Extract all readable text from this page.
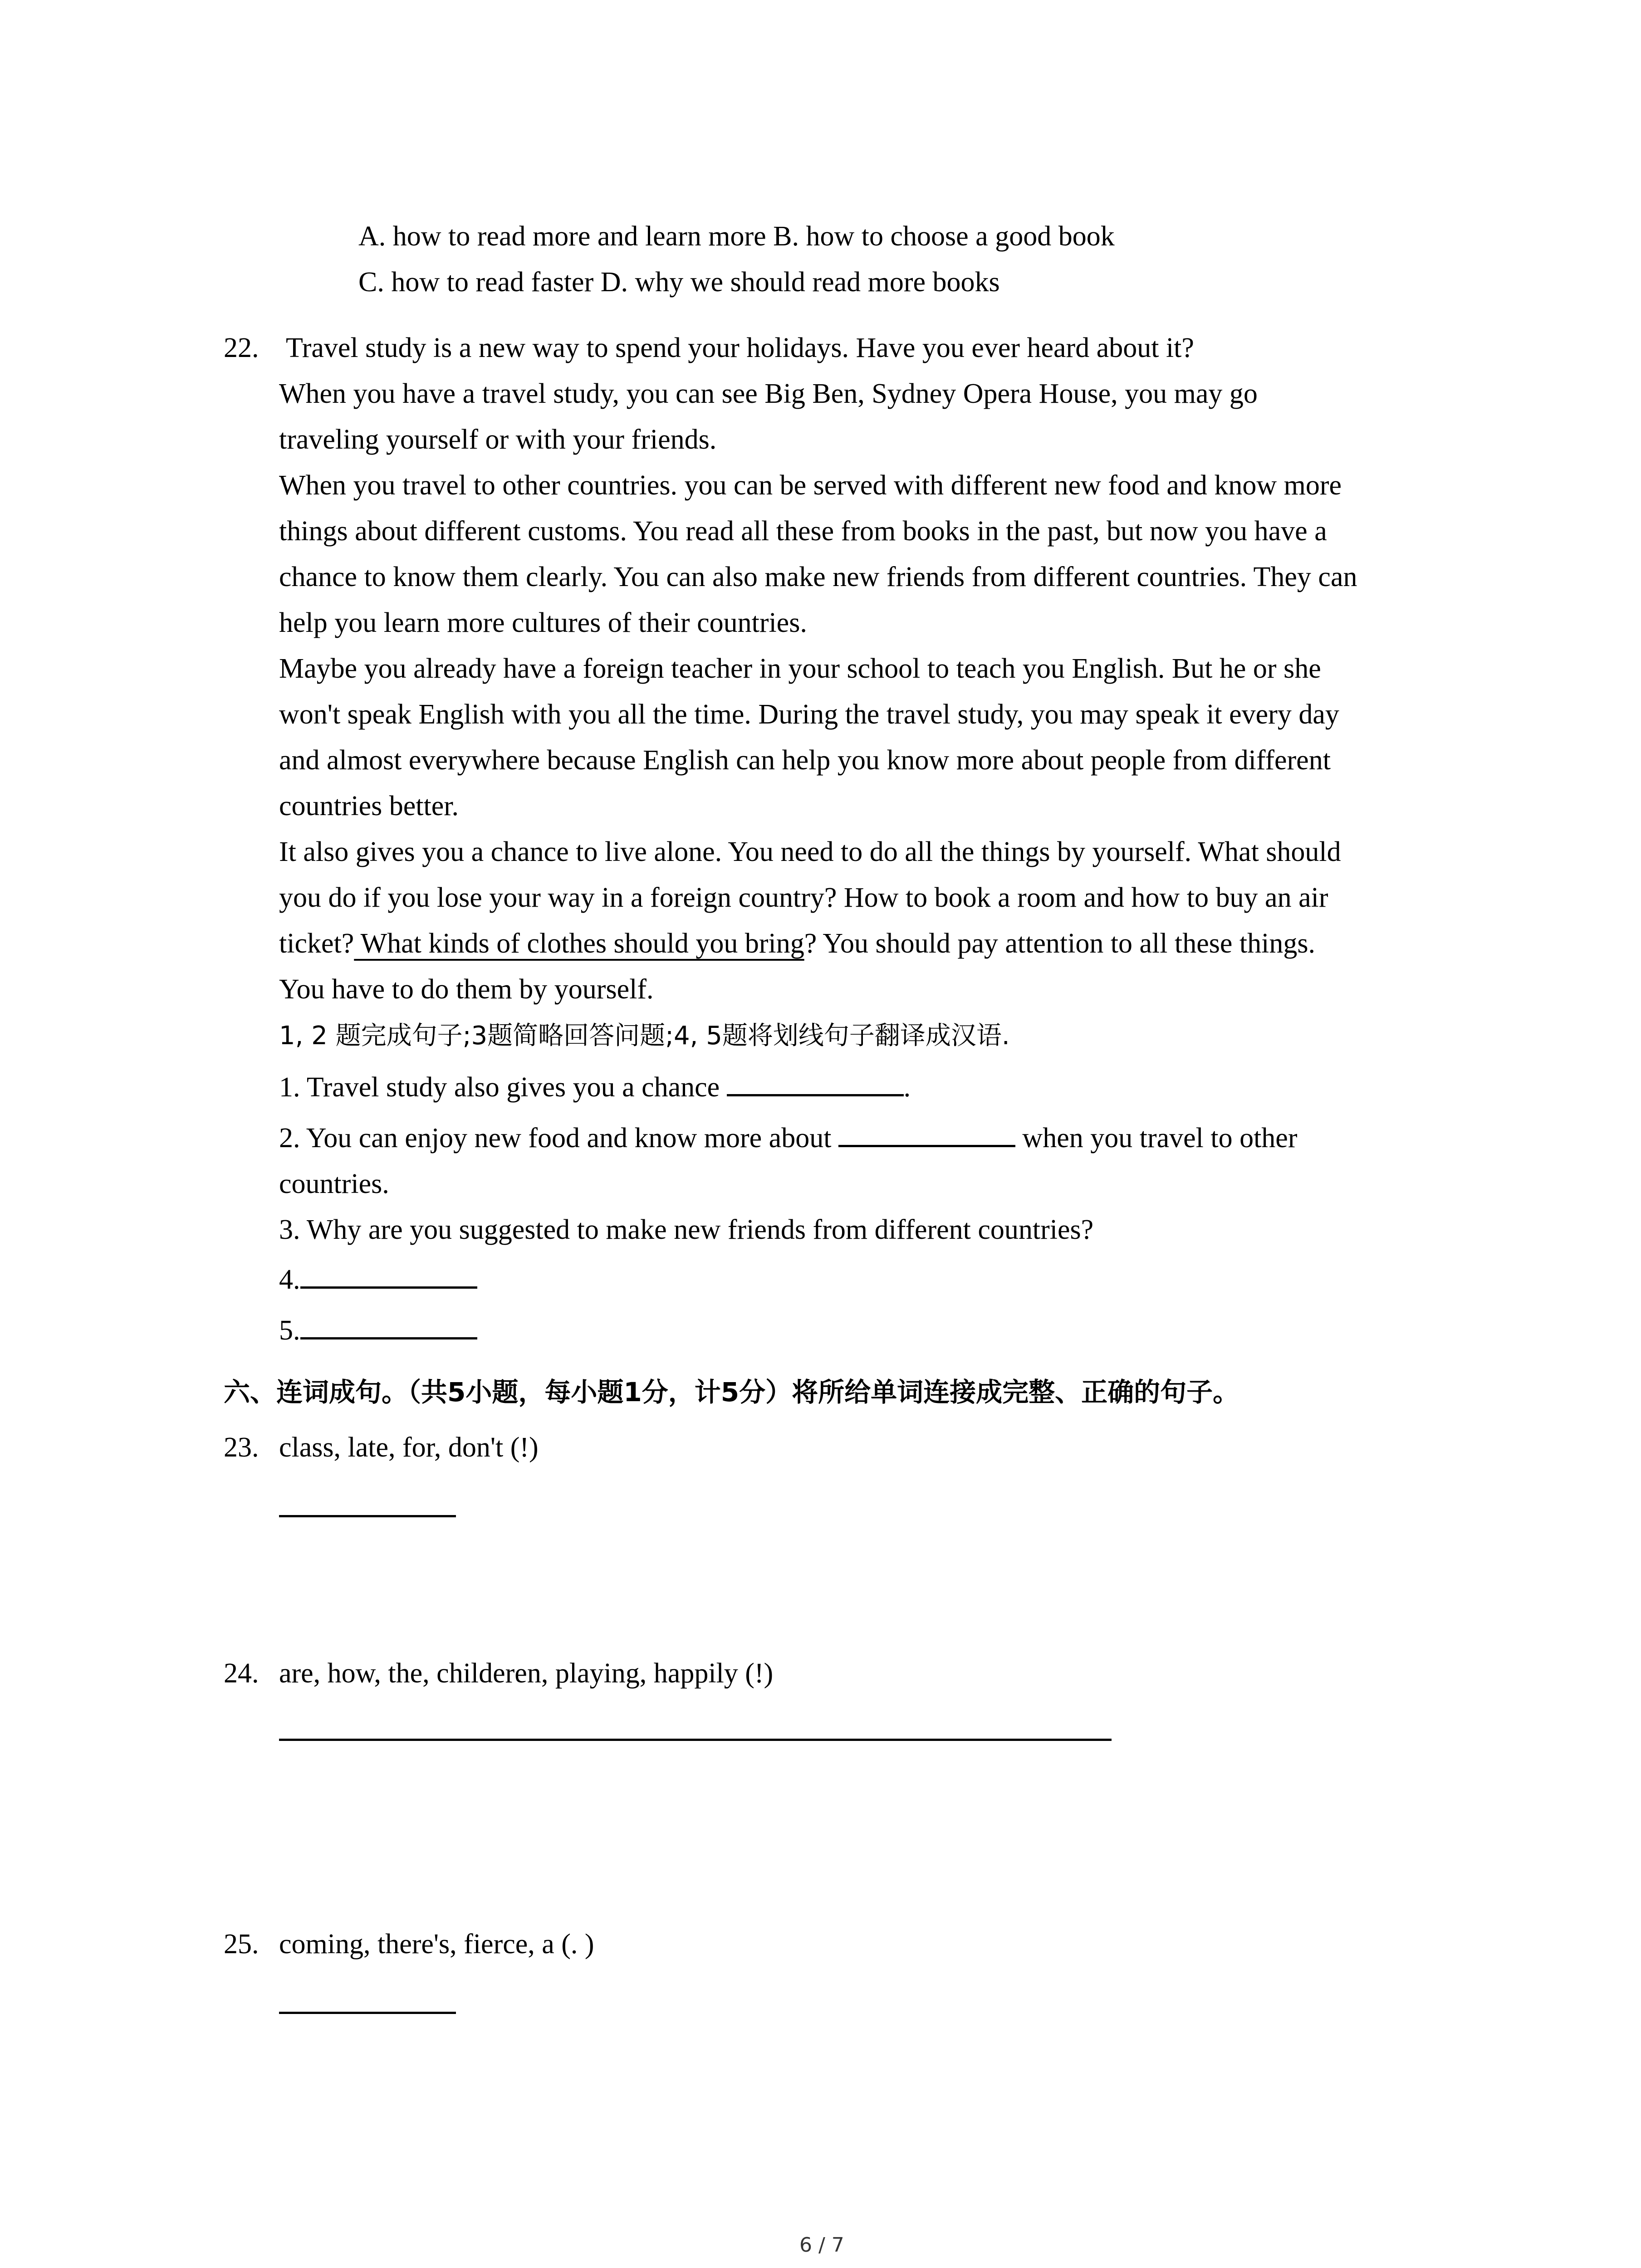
A. how to read more and learn more B. how to choose a good book
C. how to read faster D. why we should read more books
22. Travel study is a new way to spend your holidays. Have you ever heard about it?
When you have a travel study, you can see Big Ben, Sydney Opera House, you may go
traveling yourself or with your friends.
When you travel to other countries. you can be served with different new food and know more
things about different customs. You read all these from books in the past, but now you have a
chance to know them clearly. You can also make new friends from different countries. They can
help you learn more cultures of their countries.
Maybe you already have a foreign teacher in your school to teach you English. But he or she
won't speak English with you all the time. During the travel study, you may speak it every day
and almost everywhere because English can help you know more about people from different
countries better.
It also gives you a chance to live alone. You need to do all the things by yourself. What should
you do if you lose your way in a foreign country? How to book a room and how to buy an air
ticket? What kinds of clothes should you bring? You should pay attention to all these things.
You have to do them by yourself.
1, 2 题完成句子;3题简略回答问题;4, 5题将划线句子翻译成汉语.
1. Travel study also gives you a chance	.
2. You can enjoy new food and know more about	when you travel to other
countries.
3. Why are you suggested to make new friends from different countries?
4.
5.
六、连词成句。（共5小题，每小题1分，计5分）将所给单词连接成完整、正确的句子。
23. class, late, for, don't (!)
24. are, how, the, childeren, playing, happily (!)
25. coming, there's, fierce, a (. )
6 / 7
